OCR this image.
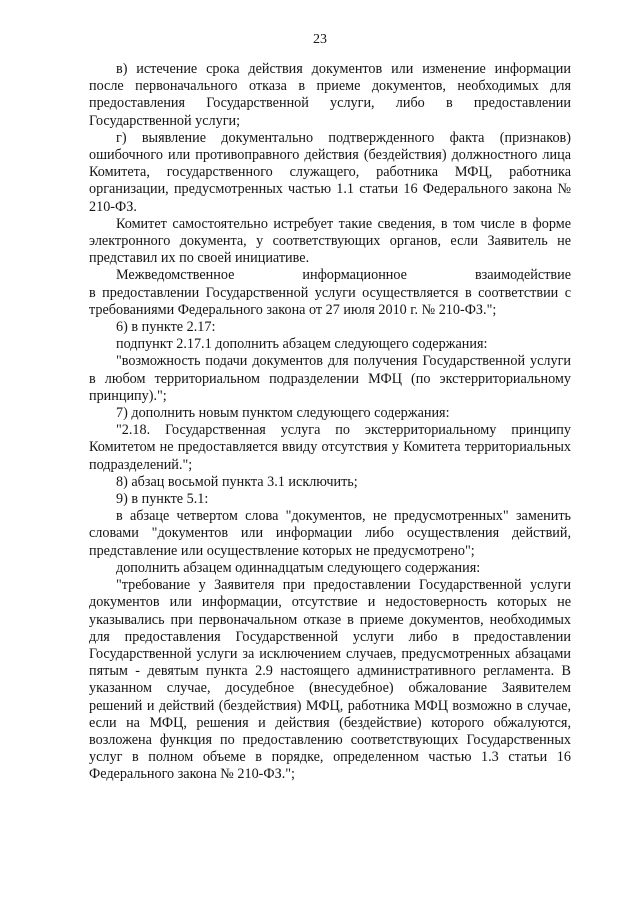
23

в) истечение срока действия документов или изменение информации после первоначального отказа в приеме документов, необходимых для предоставления Государственной услуги, либо в предоставлении Государственной услуги;

г) выявление документально подтвержденного факта (признаков) ошибочного или противоправного действия (бездействия) должностного лица Комитета, государственного служащего, работника МФЦ, работника организации, предусмотренных частью 1.1 статьи 16 Федерального закона № 210-ФЗ.

Комитет самостоятельно истребует такие сведения, в том числе в форме электронного документа, у соответствующих органов, если Заявитель не представил их по своей инициативе.

Межведомственное информационное взаимодействие

в предоставлении Государственной услуги осуществляется в соответствии с требованиями Федерального закона от 27 июля 2010 г. № 210-ФЗ.";

6) в пункте 2.17:

подпункт 2.17.1 дополнить абзацем следующего содержания:

"возможность подачи документов для получения Государственной услуги в любом территориальном подразделении МФЦ (по экстерриториальному принципу).";

7) дополнить новым пунктом следующего содержания:

"2.18. Государственная услуга по экстерриториальному принципу Комитетом не предоставляется ввиду отсутствия у Комитета территориальных подразделений.";

8) абзац восьмой пункта 3.1 исключить;

9) в пункте 5.1:

в абзаце четвертом слова "документов, не предусмотренных" заменить словами "документов или информации либо осуществления действий, представление или осуществление которых не предусмотрено";

дополнить абзацем одиннадцатым следующего содержания:

"требование у Заявителя при предоставлении Государственной услуги документов или информации, отсутствие и недостоверность которых не указывались при первоначальном отказе в приеме документов, необходимых для предоставления Государственной услуги либо в предоставлении Государственной услуги за исключением случаев, предусмотренных абзацами пятым - девятым пункта 2.9 настоящего административного регламента. В указанном случае, досудебное (внесудебное) обжалование Заявителем решений и действий (бездействия) МФЦ, работника МФЦ возможно в случае, если на МФЦ, решения и действия (бездействие) которого обжалуются, возложена функция по предоставлению соответствующих Государственных услуг в полном объеме в порядке, определенном частью 1.3 статьи 16 Федерального закона № 210-ФЗ.";
